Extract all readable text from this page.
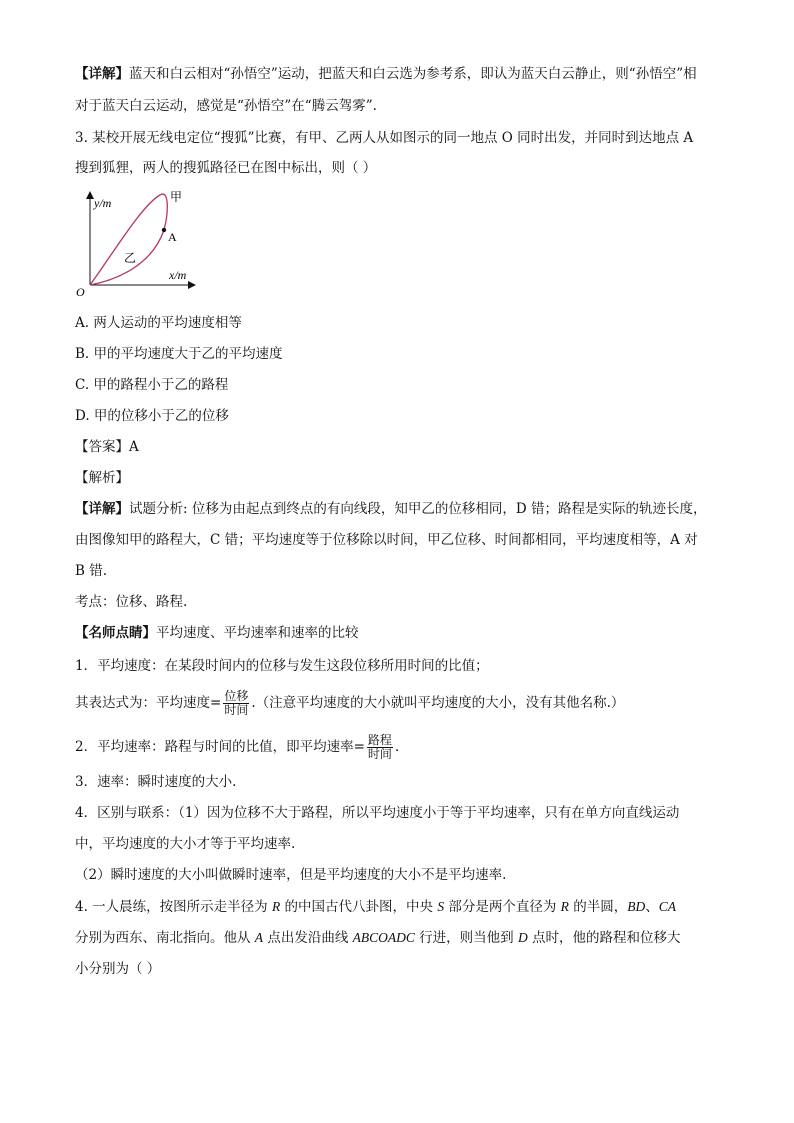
【详解】蓝天和白云相对“孙悟空”运动，把蓝天和白云选为参考系，即认为蓝天白云静止，则“孙悟空”相
对于蓝天白云运动，感觉是“孙悟空”在“腾云驾雾”.
3. 某校开展无线电定位“搜狐”比赛，有甲、乙两人从如图示的同一地点 O 同时出发，并同时到达地点 A
搜到狐狸，两人的搜狐路径已在图中标出，则（ ）
y/m
x/m
O
A
甲
乙
A. 两人运动的平均速度相等
B. 甲的平均速度大于乙的平均速度
C. 甲的路程小于乙的路程
D. 甲的位移小于乙的位移
【答案】A
【解析】
【详解】试题分析: 位移为由起点到终点的有向线段，知甲乙的位移相同，D 错；路程是实际的轨迹长度，
由图像知甲的路程大，C 错；平均速度等于位移除以时间，甲乙位移、时间都相同，平均速度相等，A 对
B 错.
考点：位移、路程.
【名师点睛】平均速度、平均速率和速率的比较
1．平均速度：在某段时间内的位移与发生这段位移所用时间的比值；
其表达式为：平均速度= $\frac{\text{位移}}{\text{时间}}$ .（注意平均速度的大小就叫平均速度的大小，没有其他名称.）
2．平均速率：路程与时间的比值，即平均速率= $\frac{\text{路程}}{\text{时间}}$ .
3．速率：瞬时速度的大小.
4．区别与联系：（1）因为位移不大于路程，所以平均速度小于等于平均速率，只有在单方向直线运动
中，平均速度的大小才等于平均速率.
（2）瞬时速度的大小叫做瞬时速率，但是平均速度的大小不是平均速率.
4. 一人晨练，按图所示走半径为 R 的中国古代八卦图，中央 S 部分是两个直径为 R 的半圆，BD、CA
分别为西东、南北指向。他从 A 点出发沿曲线 ABCOADC 行进，则当他到 D 点时，他的路程和位移大
小分别为（ ）
